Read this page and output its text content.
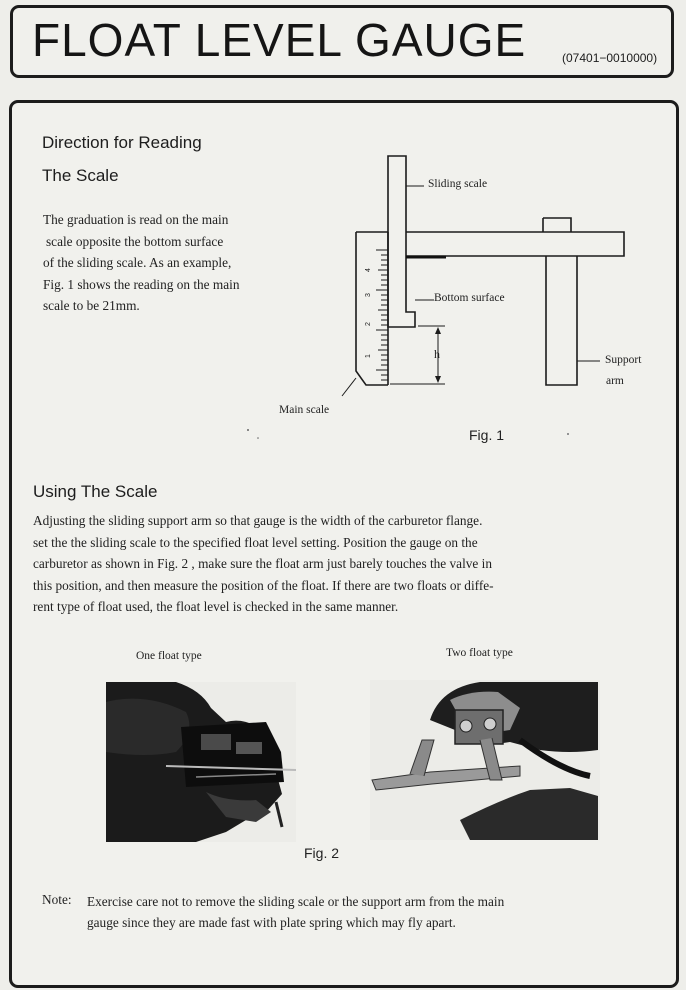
FLOAT LEVEL GAUGE	(07401−0010000)
Direction for Reading
The Scale
The graduation is read on the main
scale opposite the bottom surface
of the sliding scale. As an example,
Fig. 1 shows the reading on the main
scale to be 21mm.
4
3
2
1
Sliding scale
Bottom surface
Support
arm
Main scale
h
Fig. 1
Using The Scale
Adjusting the sliding support arm so that gauge is the width of the carburetor flange.
set the the sliding scale to the specified float level setting. Position the gauge on the
carburetor as shown in Fig. 2 , make sure the float arm just barely touches the valve in
this position, and then measure the position of the float. If there are two floats or diffe-
rent type of float used, the float level is checked in the same manner.
One float type	Two float type
Fig. 2
Note: Exercise care not to remove the sliding scale or the support arm from the main
gauge since they are made fast with plate spring which may fly apart.
